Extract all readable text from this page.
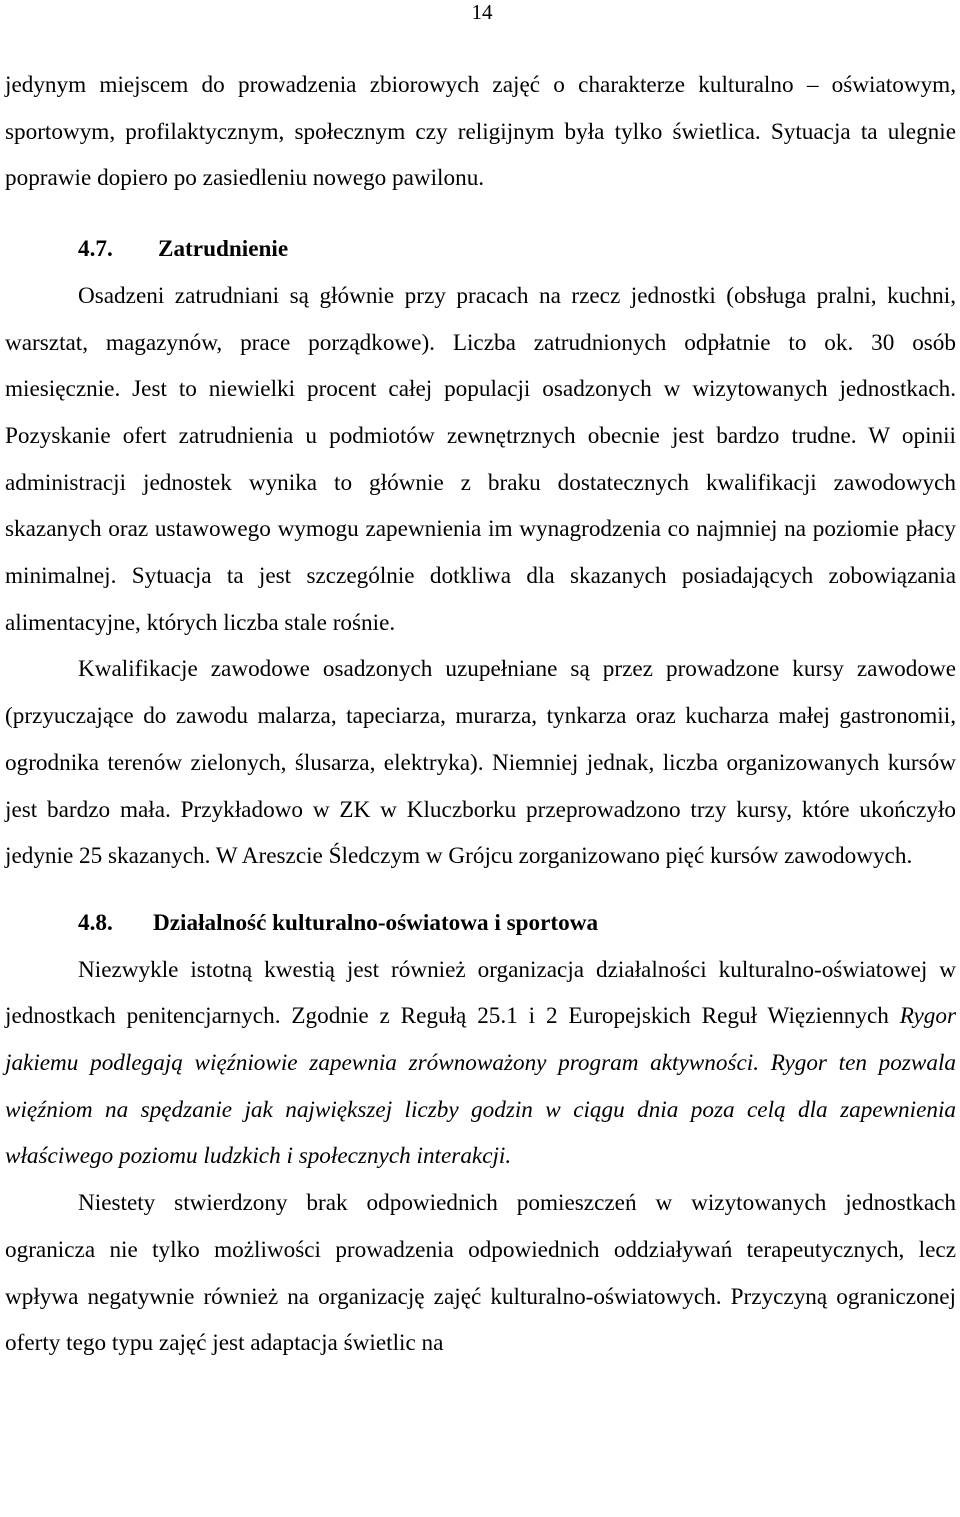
14

jedynym miejscem do prowadzenia zbiorowych zajęć o charakterze kulturalno – oświatowym, sportowym, profilaktycznym, społecznym czy religijnym była tylko świetlica. Sytuacja ta ulegnie poprawie dopiero po zasiedleniu nowego pawilonu.

4.7. Zatrudnienie

Osadzeni zatrudniani są głównie przy pracach na rzecz jednostki (obsługa pralni, kuchni, warsztat, magazynów, prace porządkowe). Liczba zatrudnionych odpłatnie to ok. 30 osób miesięcznie. Jest to niewielki procent całej populacji osadzonych w wizytowanych jednostkach. Pozyskanie ofert zatrudnienia u podmiotów zewnętrznych obecnie jest bardzo trudne. W opinii administracji jednostek wynika to głównie z braku dostatecznych kwalifikacji zawodowych skazanych oraz ustawowego wymogu zapewnienia im wynagrodzenia co najmniej na poziomie płacy minimalnej. Sytuacja ta jest szczególnie dotkliwa dla skazanych posiadających zobowiązania alimentacyjne, których liczba stale rośnie.

Kwalifikacje zawodowe osadzonych uzupełniane są przez prowadzone kursy zawodowe (przyuczające do zawodu malarza, tapeciarza, murarza, tynkarza oraz kucharza małej gastronomii, ogrodnika terenów zielonych, ślusarza, elektryka). Niemniej jednak, liczba organizowanych kursów jest bardzo mała. Przykładowo w ZK w Kluczborku przeprowadzono trzy kursy, które ukończyło jedynie 25 skazanych. W Areszcie Śledczym w Grójcu zorganizowano pięć kursów zawodowych.

4.8. Działalność kulturalno-oświatowa i sportowa

Niezwykle istotną kwestią jest również organizacja działalności kulturalno-oświatowej w jednostkach penitencjarnych. Zgodnie z Regułą 25.1 i 2 Europejskich Reguł Więziennych Rygor jakiemu podlegają więźniowie zapewnia zrównoważony program aktywności. Rygor ten pozwala więźniom na spędzanie jak największej liczby godzin w ciągu dnia poza celą dla zapewnienia właściwego poziomu ludzkich i społecznych interakcji.

Niestety stwierdzony brak odpowiednich pomieszczeń w wizytowanych jednostkach ogranicza nie tylko możliwości prowadzenia odpowiednich oddziaływań terapeutycznych, lecz wpływa negatywnie również na organizację zajęć kulturalno-oświatowych. Przyczyną ograniczonej oferty tego typu zajęć jest adaptacja świetlic na
